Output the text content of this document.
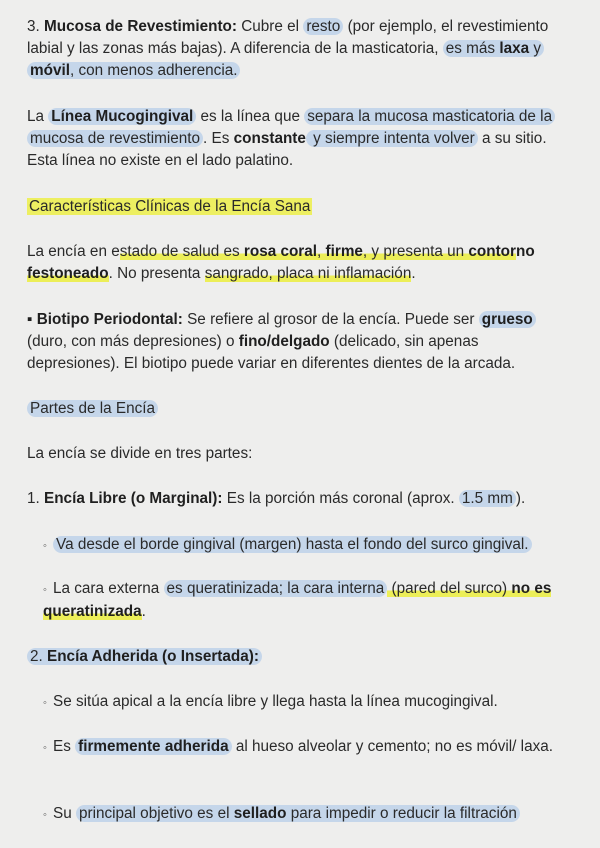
3. Mucosa de Revestimiento: Cubre el resto (por ejemplo, el revestimiento labial y las zonas más bajas). A diferencia de la masticatoria, es más laxa y móvil, con menos adherencia.

La Línea Mucogingival es la línea que separa la mucosa masticatoria de la mucosa de revestimiento . Es constante y siempre intenta volver a su sitio. Esta línea no existe en el lado palatino.

Características Clínicas de la Encía Sana

La encía en estado de salud es rosa coral, firme, y presenta un contorno festoneado. No presenta sangrado, placa ni inflamación.

▪ Biotipo Periodontal: Se refiere al grosor de la encía. Puede ser grueso (duro, con más depresiones) o fino/delgado (delicado, sin apenas depresiones). El biotipo puede variar en diferentes dientes de la arcada.

Partes de la Encía

La encía se divide en tres partes:

1. Encía Libre (o Marginal): Es la porción más coronal (aprox. 1.5 mm ).

◦ Va desde el borde gingival (margen) hasta el fondo del surco gingival.

◦ La cara externa es queratinizada; la cara interna (pared del surco) no es queratinizada.

2. Encía Adherida (o Insertada):

◦ Se sitúa apical a la encía libre y llega hasta la línea mucogingival.

◦ Es firmemente adherida al hueso alveolar y cemento; no es móvil/ laxa.

◦ Su principal objetivo es el sellado para impedir o reducir la filtración
